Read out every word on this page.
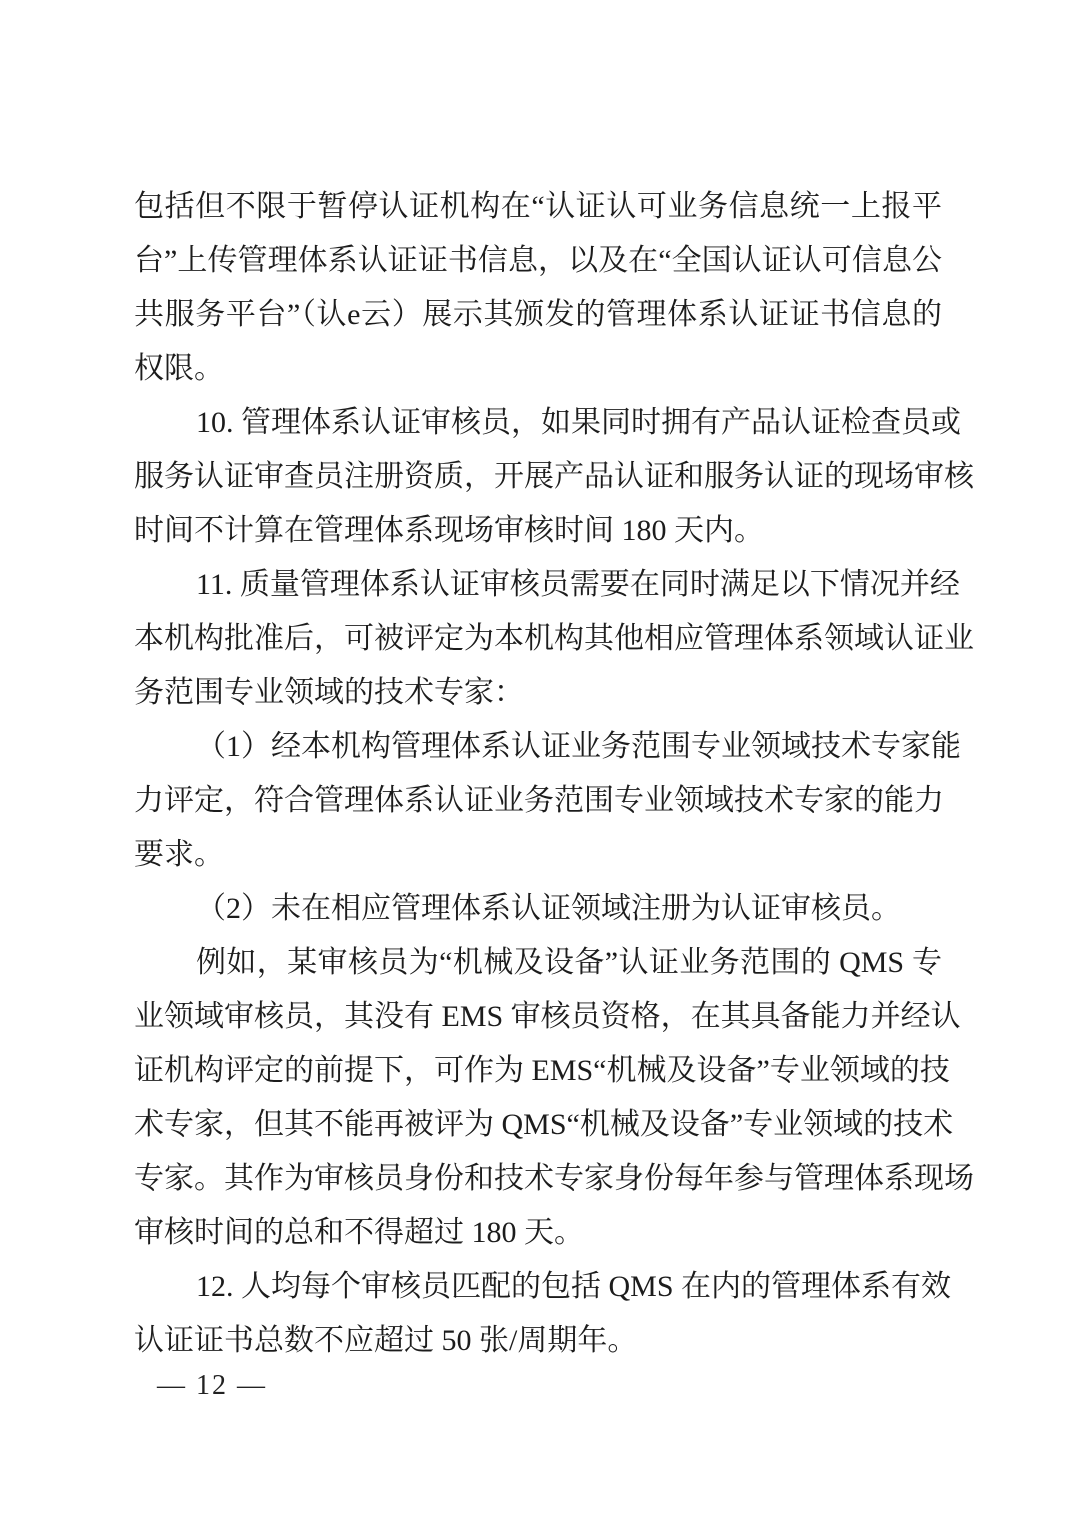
包括但不限于暂停认证机构在“认证认可业务信息统一上报平
台”上传管理体系认证证书信息，以及在“全国认证认可信息公
共服务平台”（认e云）展示其颁发的管理体系认证证书信息的
权限。

10. 管理体系认证审核员，如果同时拥有产品认证检查员或
服务认证审查员注册资质，开展产品认证和服务认证的现场审核
时间不计算在管理体系现场审核时间 180 天内。

11. 质量管理体系认证审核员需要在同时满足以下情况并经
本机构批准后，可被评定为本机构其他相应管理体系领域认证业
务范围专业领域的技术专家：

（1）经本机构管理体系认证业务范围专业领域技术专家能
力评定，符合管理体系认证业务范围专业领域技术专家的能力
要求。

（2）未在相应管理体系认证领域注册为认证审核员。

例如，某审核员为“机械及设备”认证业务范围的 QMS 专
业领域审核员，其没有 EMS 审核员资格，在其具备能力并经认
证机构评定的前提下，可作为 EMS“机械及设备”专业领域的技
术专家，但其不能再被评为 QMS“机械及设备”专业领域的技术
专家。其作为审核员身份和技术专家身份每年参与管理体系现场
审核时间的总和不得超过 180 天。

12. 人均每个审核员匹配的包括 QMS 在内的管理体系有效
认证证书总数不应超过 50 张/周期年。

— 12 —
